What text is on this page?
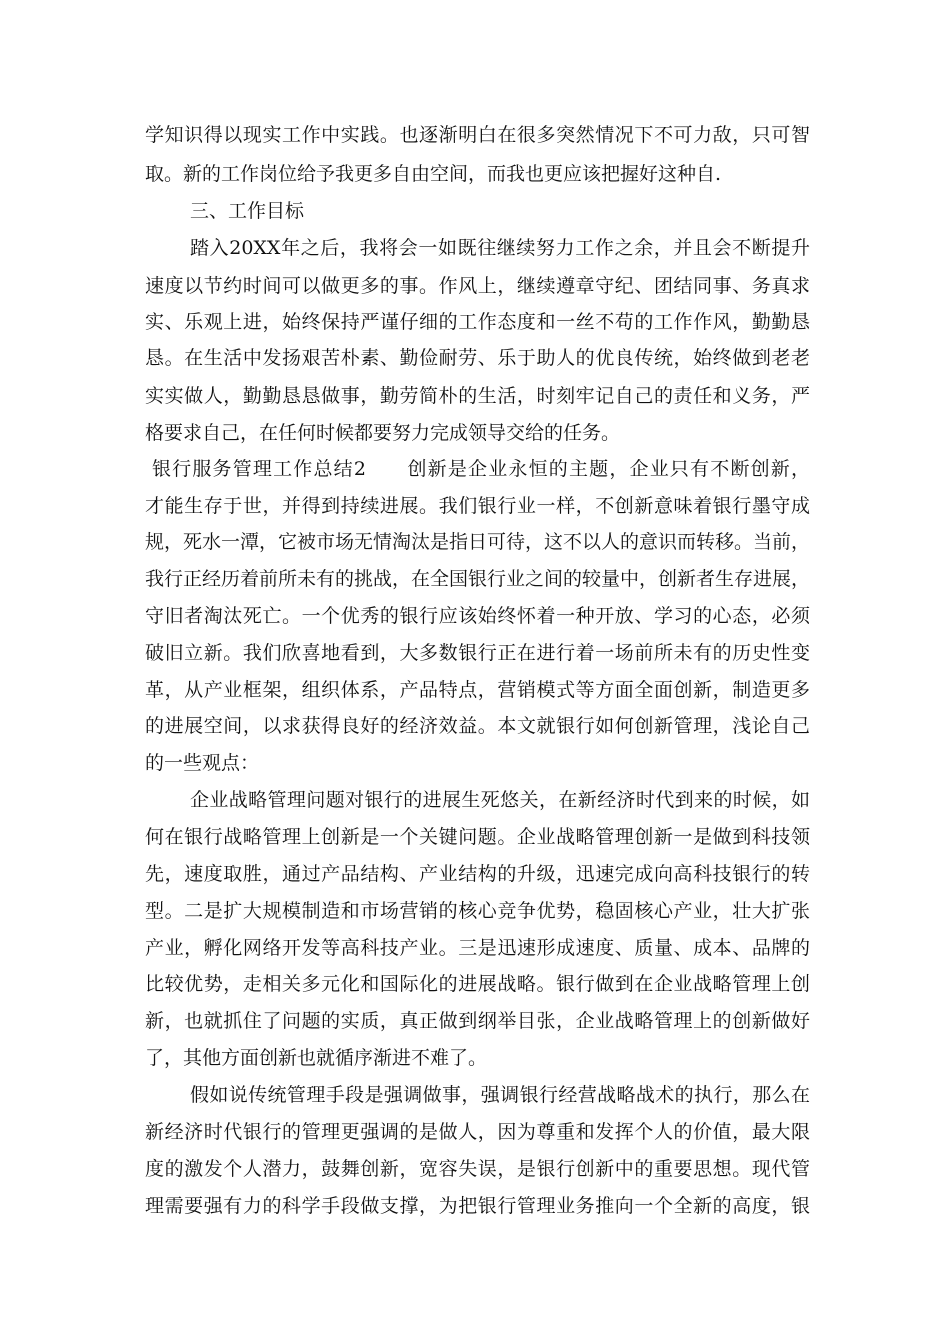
学知识得以现实工作中实践。也逐渐明白在很多突然情况下不可力敌，只可智
取。新的工作岗位给予我更多自由空间，而我也更应该把握好这种自.
三、工作目标
踏入20XX年之后，我将会一如既往继续努力工作之余，并且会不断提升
速度以节约时间可以做更多的事。作风上，继续遵章守纪、团结同事、务真求
实、乐观上进，始终保持严谨仔细的工作态度和一丝不苟的工作作风，勤勤恳
恳。在生活中发扬艰苦朴素、勤俭耐劳、乐于助人的优良传统，始终做到老老
实实做人，勤勤恳恳做事，勤劳简朴的生活，时刻牢记自己的责任和义务，严
格要求自己，在任何时候都要努力完成领导交给的任务。
银行服务管理工作总结2　　创新是企业永恒的主题，企业只有不断创新，
才能生存于世，并得到持续进展。我们银行业一样，不创新意味着银行墨守成
规，死水一潭，它被市场无情淘汰是指日可待，这不以人的意识而转移。当前，
我行正经历着前所未有的挑战，在全国银行业之间的较量中，创新者生存进展，
守旧者淘汰死亡。一个优秀的银行应该始终怀着一种开放、学习的心态，必须
破旧立新。我们欣喜地看到，大多数银行正在进行着一场前所未有的历史性变
革，从产业框架，组织体系，产品特点，营销模式等方面全面创新，制造更多
的进展空间，以求获得良好的经济效益。本文就银行如何创新管理，浅论自己
的一些观点：
企业战略管理问题对银行的进展生死悠关，在新经济时代到来的时候，如
何在银行战略管理上创新是一个关键问题。企业战略管理创新一是做到科技领
先，速度取胜，通过产品结构、产业结构的升级，迅速完成向高科技银行的转
型。二是扩大规模制造和市场营销的核心竞争优势，稳固核心产业，壮大扩张
产业，孵化网络开发等高科技产业。三是迅速形成速度、质量、成本、品牌的
比较优势，走相关多元化和国际化的进展战略。银行做到在企业战略管理上创
新，也就抓住了问题的实质，真正做到纲举目张，企业战略管理上的创新做好
了，其他方面创新也就循序渐进不难了。
假如说传统管理手段是强调做事，强调银行经营战略战术的执行，那么在
新经济时代银行的管理更强调的是做人，因为尊重和发挥个人的价值，最大限
度的激发个人潜力，鼓舞创新，宽容失误，是银行创新中的重要思想。现代管
理需要强有力的科学手段做支撑，为把银行管理业务推向一个全新的高度，银
